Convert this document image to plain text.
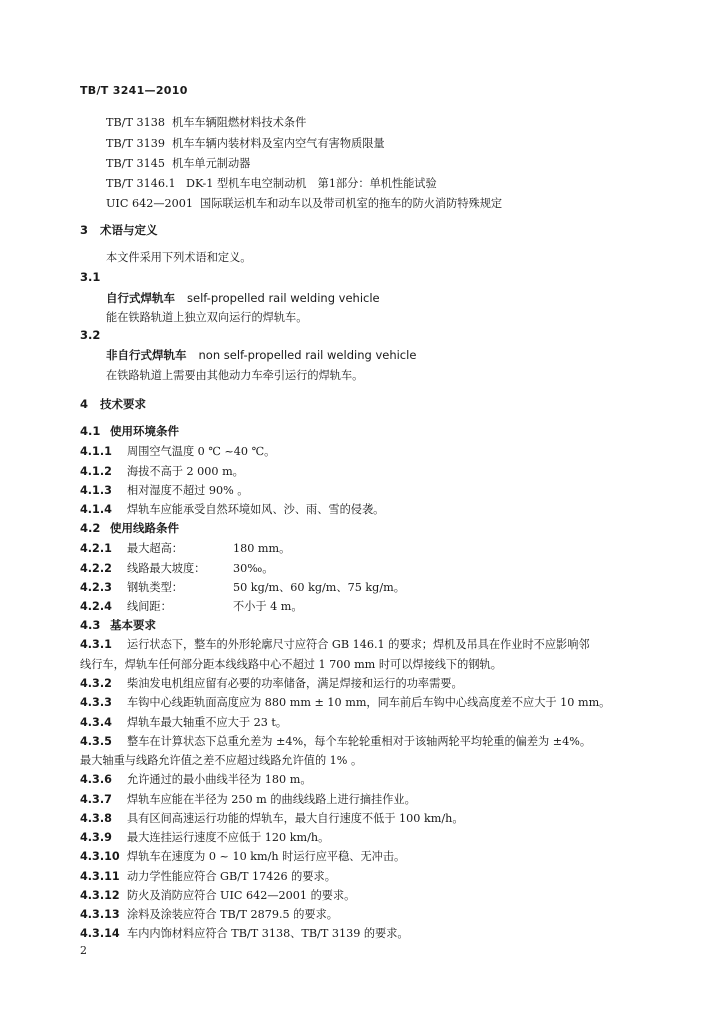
TB/T 3241—2010
TB/T 3138 机车车辆阻燃材料技术条件
TB/T 3139 机车车辆内装材料及室内空气有害物质限量
TB/T 3145 机车单元制动器
TB/T 3146.1 DK-1 型机车电空制动机　第1部分：单机性能试验
UIC 642—2001 国际联运机车和动车以及带司机室的拖车的防火消防特殊规定
3 术语与定义
本文件采用下列术语和定义。
3.1
自行式焊轨车 self-propelled rail welding vehicle
能在铁路轨道上独立双向运行的焊轨车。
3.2
非自行式焊轨车 non self-propelled rail welding vehicle
在铁路轨道上需要由其他动力车牵引运行的焊轨车。
4 技术要求
4.1 使用环境条件
4.1.1 周围空气温度 0 ℃ ~40 ℃。
4.1.2 海拔不高于 2 000 m。
4.1.3 相对湿度不超过 90% 。
4.1.4 焊轨车应能承受自然环境如风、沙、雨、雪的侵袭。
4.2 使用线路条件
4.2.1 最大超高：	180 mm。
4.2.2 线路最大坡度： 30‰。
4.2.3 钢轨类型：	50 kg/m、60 kg/m、75 kg/m。
4.2.4 线间距：	不小于 4 m。
4.3 基本要求
4.3.1 运行状态下，整车的外形轮廓尺寸应符合 GB 146.1 的要求；焊机及吊具在作业时不应影响邻
线行车，焊轨车任何部分距本线线路中心不超过 1 700 mm 时可以焊接线下的钢轨。
4.3.2 柴油发电机组应留有必要的功率储备，满足焊接和运行的功率需要。
4.3.3 车钩中心线距轨面高度应为 880 mm ± 10 mm，同车前后车钩中心线高度差不应大于 10 mm。
4.3.4 焊轨车最大轴重不应大于 23 t。
4.3.5 整车在计算状态下总重允差为 ±4%，每个车轮轮重相对于该轴两轮平均轮重的偏差为 ±4%。
最大轴重与线路允许值之差不应超过线路允许值的 1% 。
4.3.6 允许通过的最小曲线半径为 180 m。
4.3.7 焊轨车应能在半径为 250 m 的曲线线路上进行摘挂作业。
4.3.8 具有区间高速运行功能的焊轨车，最大自行速度不低于 100 km/h。
4.3.9 最大连挂运行速度不应低于 120 km/h。
4.3.10 焊轨车在速度为 0 ~ 10 km/h 时运行应平稳、无冲击。
4.3.11 动力学性能应符合 GB/T 17426 的要求。
4.3.12 防火及消防应符合 UIC 642—2001 的要求。
4.3.13 涂料及涂装应符合 TB/T 2879.5 的要求。
4.3.14 车内内饰材料应符合 TB/T 3138、TB/T 3139 的要求。
2
